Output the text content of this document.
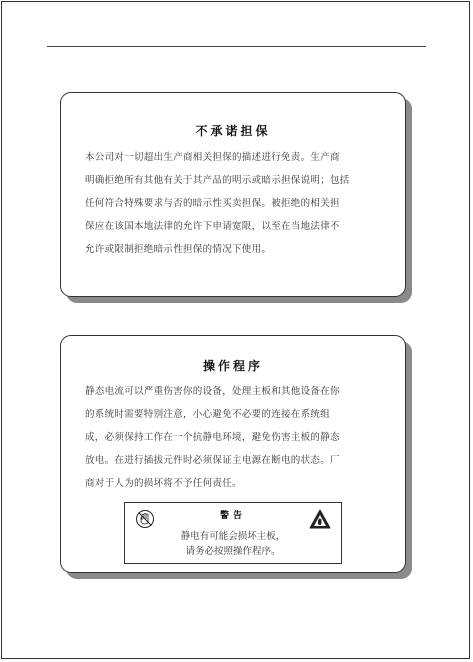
不承诺担保
本公司对一切超出生产商相关担保的描述进行免责。生产商
明确拒绝所有其他有关于其产品的明示或暗示担保说明；包括
任何符合特殊要求与否的暗示性买卖担保。被拒绝的相关担
保应在该国本地法律的允许下申请宽限，以至在当地法律不
允许或限制拒绝暗示性担保的情况下使用。
操作程序
静态电流可以严重伤害你的设备，处理主板和其他设备在你
的系统时需要特别注意，小心避免不必要的连接在系统组
成，必须保持工作在一个抗静电环境，避免伤害主板的静态
放电。在进行插拔元件时必须保证主电源在断电的状态。厂
商对于人为的损坏将不予任何责任。
警告
静电有可能会损坏主板，
请务必按照操作程序。
